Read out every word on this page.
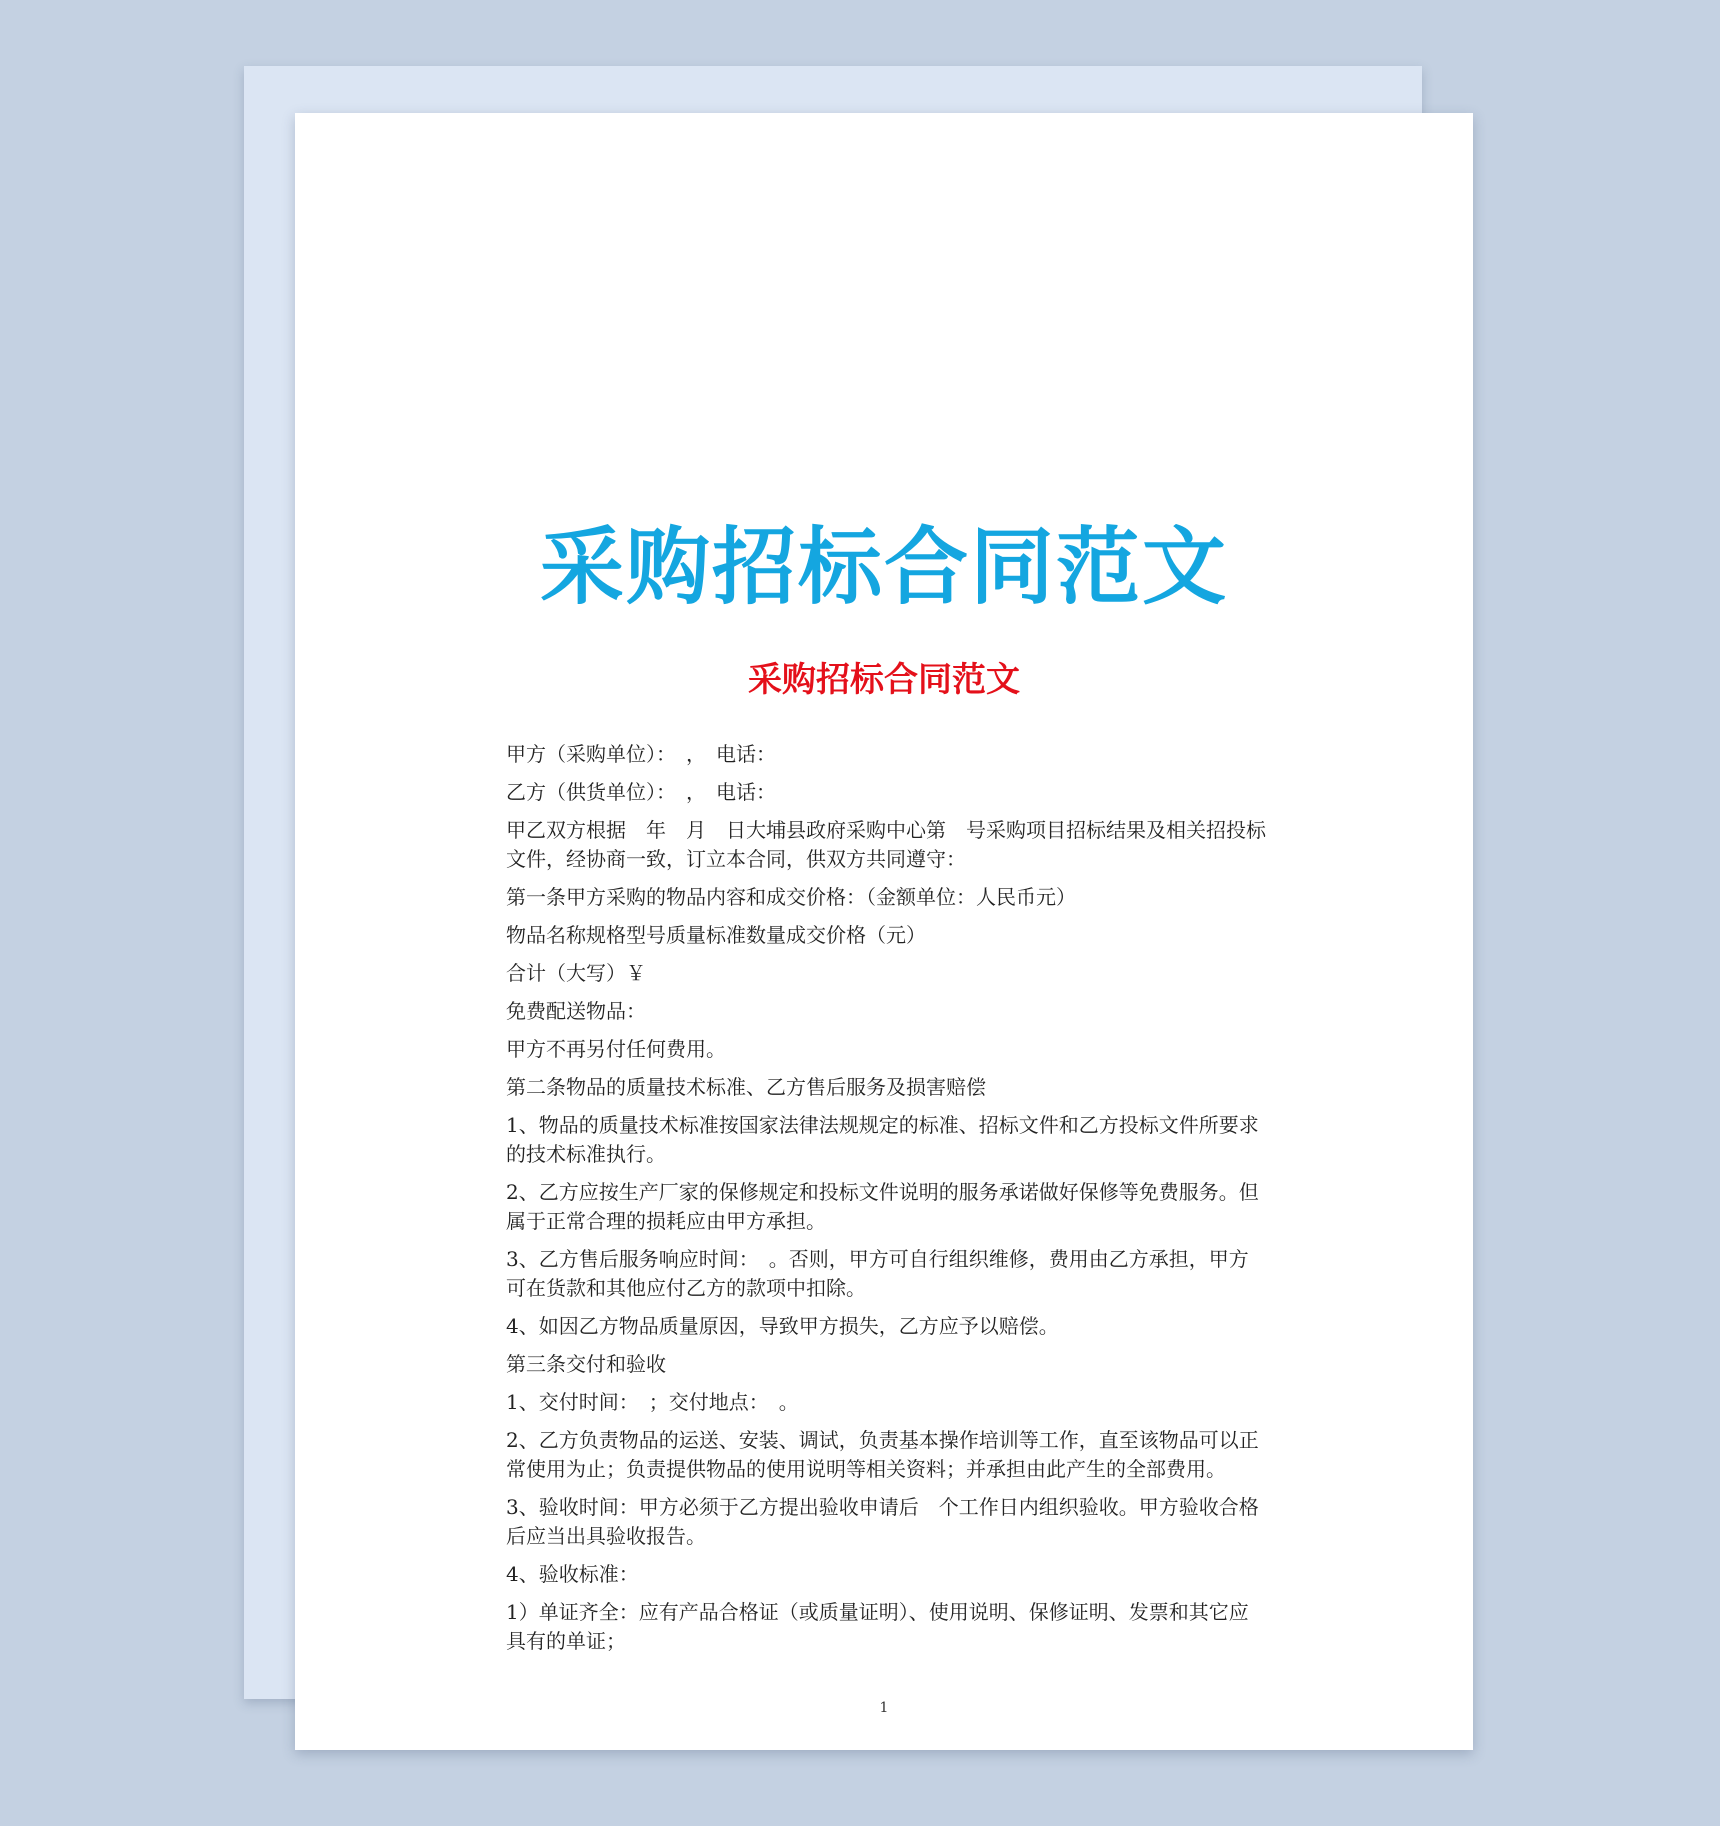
采购招标合同范文
采购招标合同范文

甲方（采购单位）：　，　电话：

乙方（供货单位）：　，　电话：

甲乙双方根据　年　月　日大埔县政府采购中心第　号采购项目招标结果及相关招投标文件，经协商一致，订立本合同，供双方共同遵守：

第一条甲方采购的物品内容和成交价格：（金额单位：人民币元）

物品名称规格型号质量标准数量成交价格（元）

合计（大写）￥

免费配送物品：

甲方不再另付任何费用。

第二条物品的质量技术标准、乙方售后服务及损害赔偿

1、物品的质量技术标准按国家法律法规规定的标准、招标文件和乙方投标文件所要求的技术标准执行。

2、乙方应按生产厂家的保修规定和投标文件说明的服务承诺做好保修等免费服务。但属于正常合理的损耗应由甲方承担。

3、乙方售后服务响应时间：　。否则，甲方可自行组织维修，费用由乙方承担，甲方可在货款和其他应付乙方的款项中扣除。

4、如因乙方物品质量原因，导致甲方损失，乙方应予以赔偿。

第三条交付和验收

1、交付时间：　；交付地点：　。

2、乙方负责物品的运送、安装、调试，负责基本操作培训等工作，直至该物品可以正常使用为止；负责提供物品的使用说明等相关资料；并承担由此产生的全部费用。

3、验收时间：甲方必须于乙方提出验收申请后　个工作日内组织验收。甲方验收合格后应当出具验收报告。

4、验收标准：

1）单证齐全：应有产品合格证（或质量证明）、使用说明、保修证明、发票和其它应具有的单证；

1
